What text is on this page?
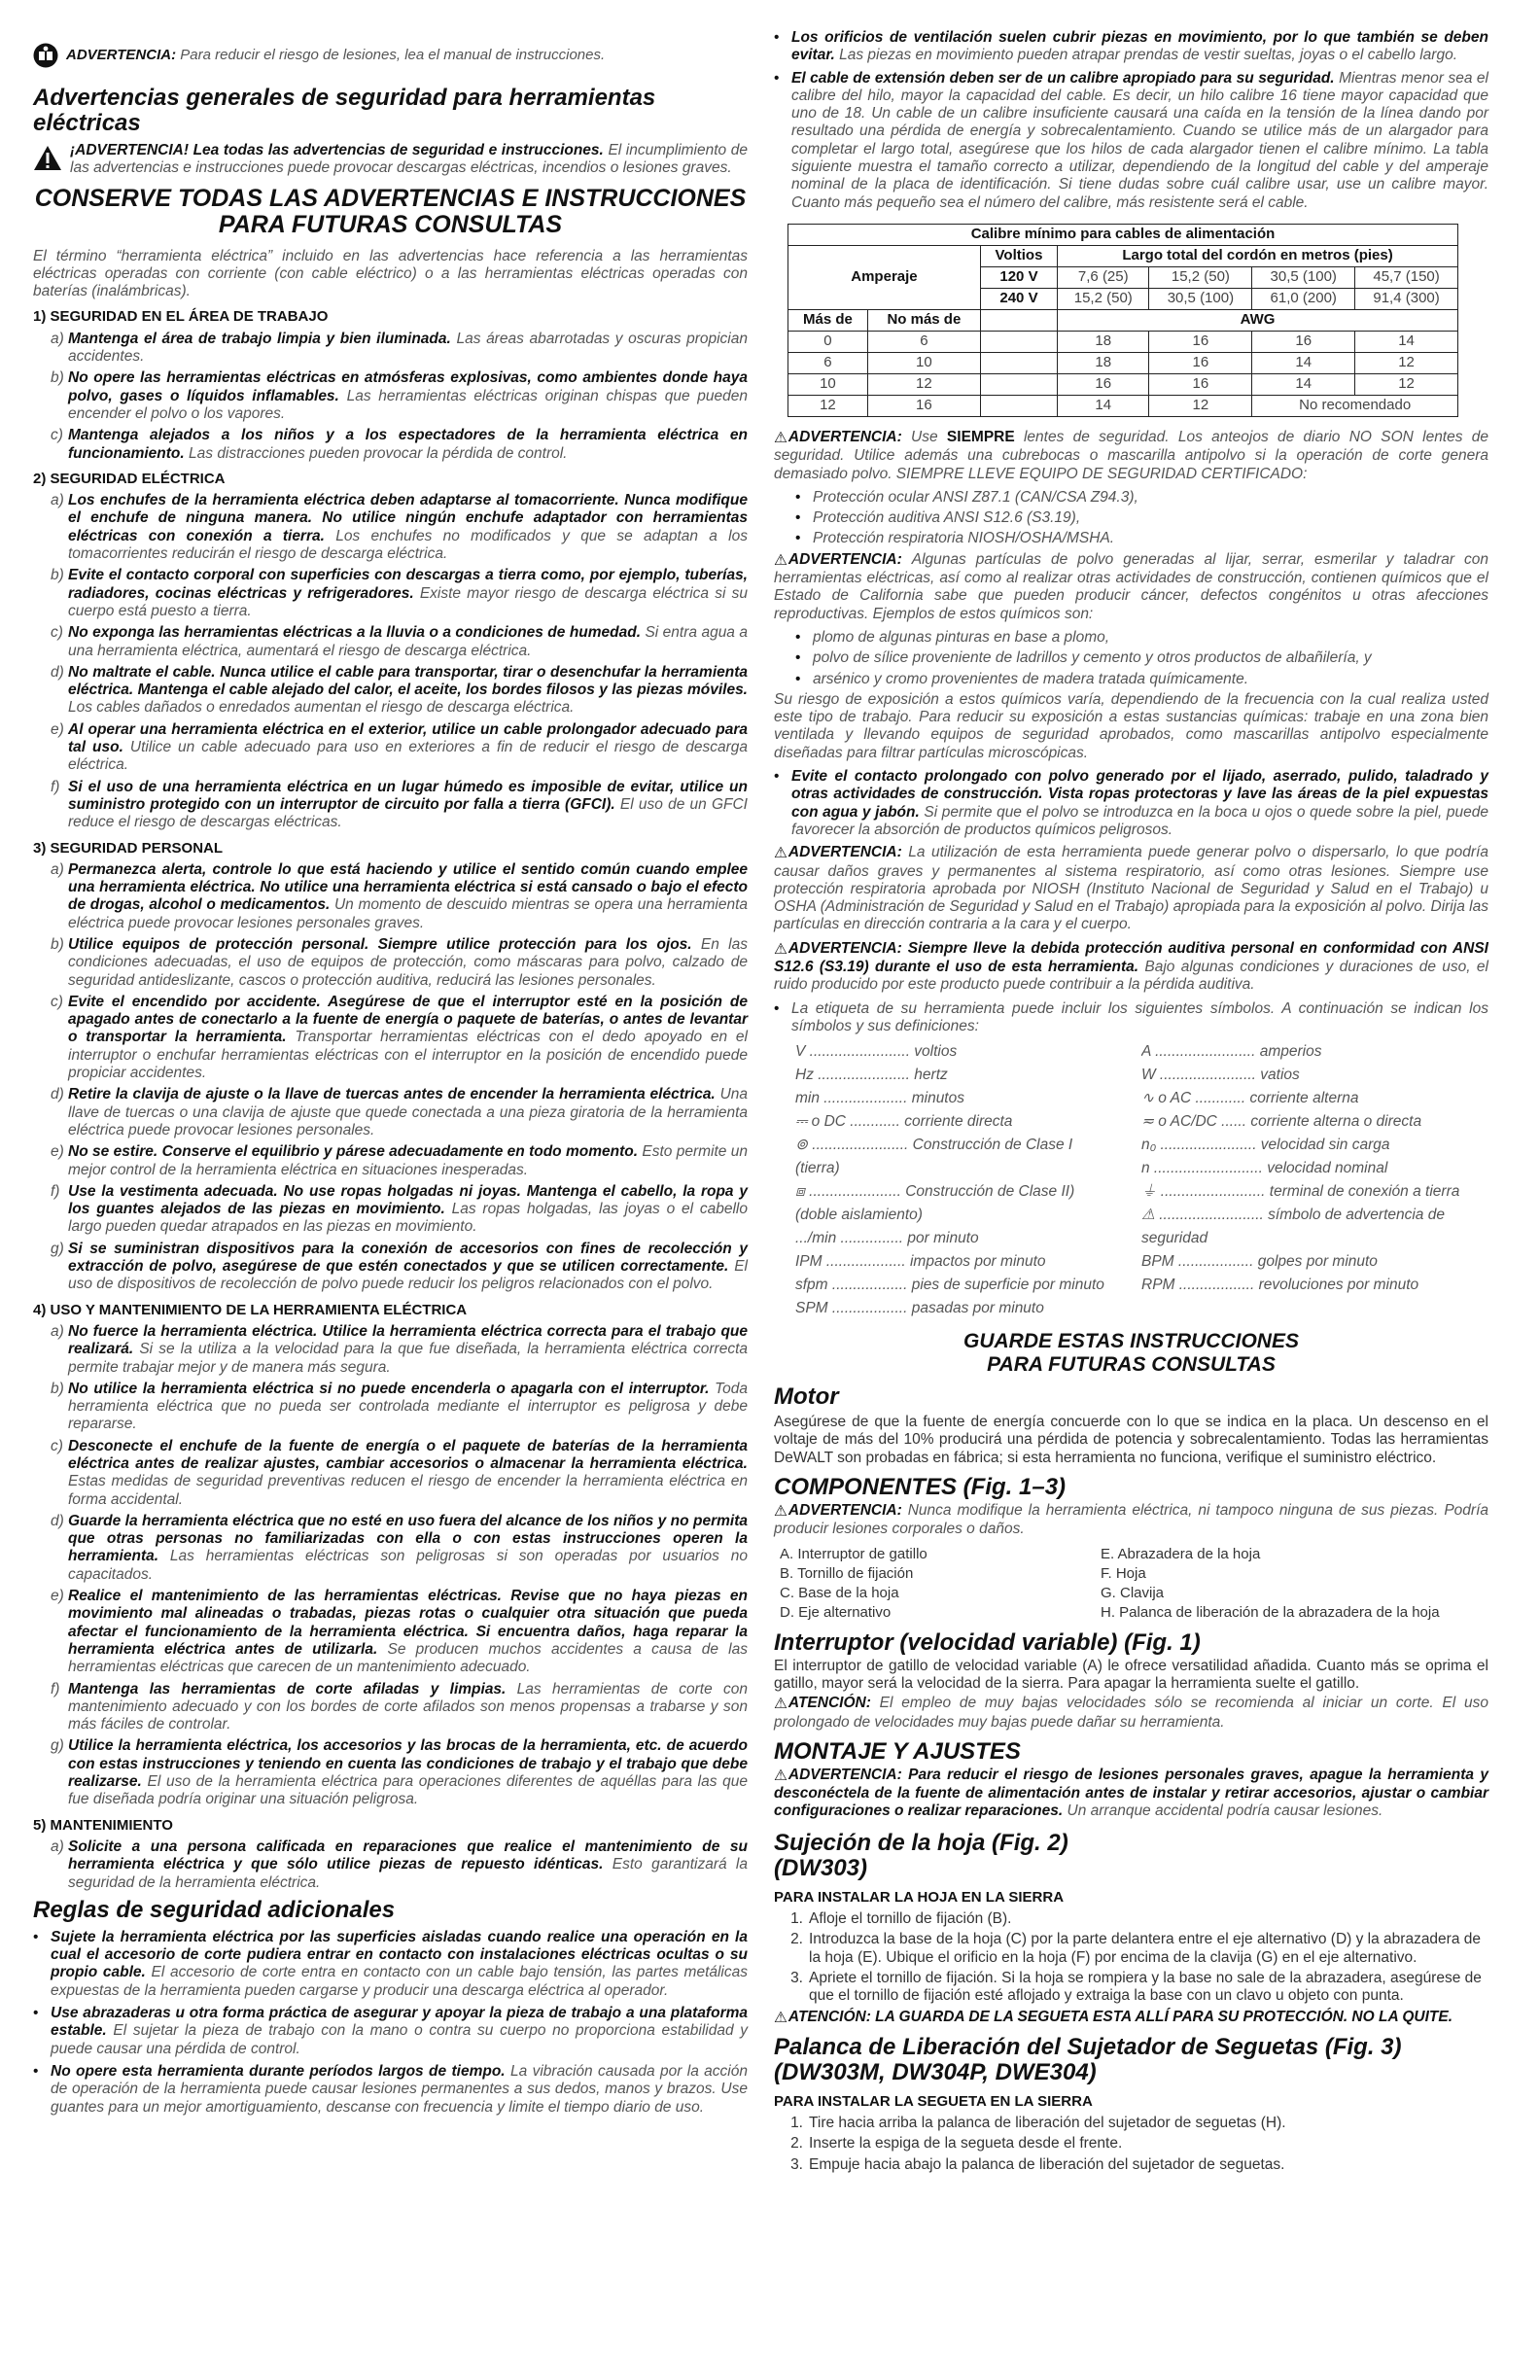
ADVERTENCIA: Para reducir el riesgo de lesiones, lea el manual de instrucciones.
Advertencias generales de seguridad para herramientas eléctricas
¡ADVERTENCIA! Lea todas las advertencias de seguridad e instrucciones. El incumplimiento de las advertencias e instrucciones puede provocar descargas eléctricas, incendios o lesiones graves.
CONSERVE TODAS LAS ADVERTENCIAS E INSTRUCCIONES
PARA FUTURAS CONSULTAS

El término “herramienta eléctrica” incluido en las advertencias hace referencia a las herramientas eléctricas operadas con corriente (con cable eléctrico) o a las herramientas eléctricas operadas con baterías (inalámbricas).

1) SEGURIDAD EN EL ÁREA DE TRABAJO
a) Mantenga el área de trabajo limpia y bien iluminada. Las áreas abarrotadas y oscuras propician accidentes.
b) No opere las herramientas eléctricas en atmósferas explosivas, como ambientes donde haya polvo, gases o líquidos inflamables. Las herramientas eléctricas originan chispas que pueden encender el polvo o los vapores.
c) Mantenga alejados a los niños y a los espectadores de la herramienta eléctrica en funcionamiento. Las distracciones pueden provocar la pérdida de control.
2) SEGURIDAD ELÉCTRICA
a) Los enchufes de la herramienta eléctrica deben adaptarse al tomacorriente. Nunca modifique el enchufe de ninguna manera. No utilice ningún enchufe adaptador con herramientas eléctricas con conexión a tierra. Los enchufes no modificados y que se adaptan a los tomacorrientes reducirán el riesgo de descarga eléctrica.
b) Evite el contacto corporal con superficies con descargas a tierra como, por ejemplo, tuberías, radiadores, cocinas eléctricas y refrigeradores. Existe mayor riesgo de descarga eléctrica si su cuerpo está puesto a tierra.
c) No exponga las herramientas eléctricas a la lluvia o a condiciones de humedad. Si entra agua a una herramienta eléctrica, aumentará el riesgo de descarga eléctrica.
d) No maltrate el cable. Nunca utilice el cable para transportar, tirar o desenchufar la herramienta eléctrica. Mantenga el cable alejado del calor, el aceite, los bordes filosos y las piezas móviles. Los cables dañados o enredados aumentan el riesgo de descarga eléctrica.
e) Al operar una herramienta eléctrica en el exterior, utilice un cable prolongador adecuado para tal uso. Utilice un cable adecuado para uso en exteriores a fin de reducir el riesgo de descarga eléctrica.
f) Si el uso de una herramienta eléctrica en un lugar húmedo es imposible de evitar, utilice un suministro protegido con un interruptor de circuito por falla a tierra (GFCI). El uso de un GFCI reduce el riesgo de descargas eléctricas.
3) SEGURIDAD PERSONAL
a) Permanezca alerta, controle lo que está haciendo y utilice el sentido común cuando emplee una herramienta eléctrica. No utilice una herramienta eléctrica si está cansado o bajo el efecto de drogas, alcohol o medicamentos. Un momento de descuido mientras se opera una herramienta eléctrica puede provocar lesiones personales graves.
b) Utilice equipos de protección personal. Siempre utilice protección para los ojos. En las condiciones adecuadas, el uso de equipos de protección, como máscaras para polvo, calzado de seguridad antideslizante, cascos o protección auditiva, reducirá las lesiones personales.
c) Evite el encendido por accidente. Asegúrese de que el interruptor esté en la posición de apagado antes de conectarlo a la fuente de energía o paquete de baterías, o antes de levantar o transportar la herramienta. Transportar herramientas eléctricas con el dedo apoyado en el interruptor o enchufar herramientas eléctricas con el interruptor en la posición de encendido puede propiciar accidentes.
d) Retire la clavija de ajuste o la llave de tuercas antes de encender la herramienta eléctrica. Una llave de tuercas o una clavija de ajuste que quede conectada a una pieza giratoria de la herramienta eléctrica puede provocar lesiones personales.
e) No se estire. Conserve el equilibrio y párese adecuadamente en todo momento. Esto permite un mejor control de la herramienta eléctrica en situaciones inesperadas.
f) Use la vestimenta adecuada. No use ropas holgadas ni joyas. Mantenga el cabello, la ropa y los guantes alejados de las piezas en movimiento. Las ropas holgadas, las joyas o el cabello largo pueden quedar atrapados en las piezas en movimiento.
g) Si se suministran dispositivos para la conexión de accesorios con fines de recolección y extracción de polvo, asegúrese de que estén conectados y que se utilicen correctamente. El uso de dispositivos de recolección de polvo puede reducir los peligros relacionados con el polvo.
4) USO Y MANTENIMIENTO DE LA HERRAMIENTA ELÉCTRICA
a) No fuerce la herramienta eléctrica. Utilice la herramienta eléctrica correcta para el trabajo que realizará. Si se la utiliza a la velocidad para la que fue diseñada, la herramienta eléctrica correcta permite trabajar mejor y de manera más segura.
b) No utilice la herramienta eléctrica si no puede encenderla o apagarla con el interruptor. Toda herramienta eléctrica que no pueda ser controlada mediante el interruptor es peligrosa y debe repararse.
c) Desconecte el enchufe de la fuente de energía o el paquete de baterías de la herramienta eléctrica antes de realizar ajustes, cambiar accesorios o almacenar la herramienta eléctrica. Estas medidas de seguridad preventivas reducen el riesgo de encender la herramienta eléctrica en forma accidental.
d) Guarde la herramienta eléctrica que no esté en uso fuera del alcance de los niños y no permita que otras personas no familiarizadas con ella o con estas instrucciones operen la herramienta. Las herramientas eléctricas son peligrosas si son operadas por usuarios no capacitados.
e) Realice el mantenimiento de las herramientas eléctricas. Revise que no haya piezas en movimiento mal alineadas o trabadas, piezas rotas o cualquier otra situación que pueda afectar el funcionamiento de la herramienta eléctrica. Si encuentra daños, haga reparar la herramienta eléctrica antes de utilizarla. Se producen muchos accidentes a causa de las herramientas eléctricas que carecen de un mantenimiento adecuado.
f) Mantenga las herramientas de corte afiladas y limpias. Las herramientas de corte con mantenimiento adecuado y con los bordes de corte afilados son menos propensas a trabarse y son más fáciles de controlar.
g) Utilice la herramienta eléctrica, los accesorios y las brocas de la herramienta, etc. de acuerdo con estas instrucciones y teniendo en cuenta las condiciones de trabajo y el trabajo que debe realizarse. El uso de la herramienta eléctrica para operaciones diferentes de aquéllas para las que fue diseñada podría originar una situación peligrosa.
5) MANTENIMIENTO
a) Solicite a una persona calificada en reparaciones que realice el mantenimiento de su herramienta eléctrica y que sólo utilice piezas de repuesto idénticas. Esto garantizará la seguridad de la herramienta eléctrica.
Reglas de seguridad adicionales
• Sujete la herramienta eléctrica por las superficies aisladas cuando realice una operación en la cual el accesorio de corte pudiera entrar en contacto con instalaciones eléctricas ocultas o su propio cable. El accesorio de corte entra en contacto con un cable bajo tensión, las partes metálicas expuestas de la herramienta pueden cargarse y producir una descarga eléctrica al operador.
• Use abrazaderas u otra forma práctica de asegurar y apoyar la pieza de trabajo a una plataforma estable. El sujetar la pieza de trabajo con la mano o contra su cuerpo no proporciona estabilidad y puede causar una pérdida de control.
• No opere esta herramienta durante períodos largos de tiempo. La vibración causada por la acción de operación de la herramienta puede causar lesiones permanentes a sus dedos, manos y brazos. Use guantes para un mejor amortiguamiento, descanse con frecuencia y limite el tiempo diario de uso.
• Los orificios de ventilación suelen cubrir piezas en movimiento, por lo que también se deben evitar. Las piezas en movimiento pueden atrapar prendas de vestir sueltas, joyas o el cabello largo.
• El cable de extensión deben ser de un calibre apropiado para su seguridad. Mientras menor sea el calibre del hilo, mayor la capacidad del cable. Es decir, un hilo calibre 16 tiene mayor capacidad que uno de 18. Un cable de un calibre insuficiente causará una caída en la tensión de la línea dando por resultado una pérdida de energía y sobrecalentamiento. Cuando se utilice más de un alargador para completar el largo total, asegúrese que los hilos de cada alargador tienen el calibre mínimo. La tabla siguiente muestra el tamaño correcto a utilizar, dependiendo de la longitud del cable y del amperaje nominal de la placa de identificación. Si tiene dudas sobre cuál calibre usar, use un calibre mayor. Cuanto más pequeño sea el número del calibre, más resistente será el cable.
Calibre mínimo para cables de alimentación						
Amperaje		Voltios	Largo total del cordón en metros (pies)			
		120 V	7,6 (25)	15,2 (50)	30,5 (100)	45,7 (150)
		240 V	15,2 (50)	30,5 (100)	61,0 (200)	91,4 (300)
Más de	No más de		AWG			
0	6		18	16	16	14
6	10		18	16	14	12
10	12		16	16	14	12
12	16		14	12	No recomendado	

⚠ADVERTENCIA: Use SIEMPRE lentes de seguridad. Los anteojos de diario NO SON lentes de seguridad. Utilice además una cubrebocas o mascarilla antipolvo si la operación de corte genera demasiado polvo. SIEMPRE LLEVE EQUIPO DE SEGURIDAD CERTIFICADO:

• Protección ocular ANSI Z87.1 (CAN/CSA Z94.3),
• Protección auditiva ANSI S12.6 (S3.19),
• Protección respiratoria NIOSH/OSHA/MSHA.

⚠ADVERTENCIA: Algunas partículas de polvo generadas al lijar, serrar, esmerilar y taladrar con herramientas eléctricas, así como al realizar otras actividades de construcción, contienen químicos que el Estado de California sabe que pueden producir cáncer, defectos congénitos u otras afecciones reproductivas. Ejemplos de estos químicos son:

• plomo de algunas pinturas en base a plomo,
• polvo de sílice proveniente de ladrillos y cemento y otros productos de albañilería, y
• arsénico y cromo provenientes de madera tratada químicamente.

Su riesgo de exposición a estos químicos varía, dependiendo de la frecuencia con la cual realiza usted este tipo de trabajo. Para reducir su exposición a estas sustancias químicas: trabaje en una zona bien ventilada y llevando equipos de seguridad aprobados, como mascarillas antipolvo especialmente diseñadas para filtrar partículas microscópicas.

• Evite el contacto prolongado con polvo generado por el lijado, aserrado, pulido, taladrado y otras actividades de construcción. Vista ropas protectoras y lave las áreas de la piel expuestas con agua y jabón. Si permite que el polvo se introduzca en la boca u ojos o quede sobre la piel, puede favorecer la absorción de productos químicos peligrosos.

⚠ADVERTENCIA: La utilización de esta herramienta puede generar polvo o dispersarlo, lo que podría causar daños graves y permanentes al sistema respiratorio, así como otras lesiones. Siempre use protección respiratoria aprobada por NIOSH (Instituto Nacional de Seguridad y Salud en el Trabajo) u OSHA (Administración de Seguridad y Salud en el Trabajo) apropiada para la exposición al polvo. Dirija las partículas en dirección contraria a la cara y el cuerpo.

⚠ADVERTENCIA: Siempre lleve la debida protección auditiva personal en conformidad con ANSI S12.6 (S3.19) durante el uso de esta herramienta. Bajo algunas condiciones y duraciones de uso, el ruido producido por este producto puede contribuir a la pérdida auditiva.

• La etiqueta de su herramienta puede incluir los siguientes símbolos. A continuación se indican los símbolos y sus definiciones:
V ........................ voltios	A ........................ amperios
Hz ...................... hertz	W ....................... vatios
min .................... minutos	∿ o AC ............ corriente alterna
⎓ o DC ............ corriente directa	≂ o AC/DC ...... corriente alterna o directa
⊚ ....................... Construcción de Clase I	n₀ ....................... velocidad sin carga
(tierra)	n .......................... velocidad nominal
⧈ ...................... Construcción de Clase II)	⏚ ......................... terminal de conexión a tierra
(doble aislamiento)	⚠ ......................... símbolo de advertencia de
.../min ............... por minuto	seguridad
IPM ................... impactos por minuto	BPM .................. golpes por minuto
sfpm .................. pies de superficie por minuto	RPM .................. revoluciones por minuto
SPM .................. pasadas por minuto
GUARDE ESTAS INSTRUCCIONES
PARA FUTURAS CONSULTAS
Motor

Asegúrese de que la fuente de energía concuerde con lo que se indica en la placa. Un descenso en el voltaje de más del 10% producirá una pérdida de potencia y sobrecalentamiento. Todas las herramientas DeWALT son probadas en fábrica; si esta herramienta no funciona, verifique el suministro eléctrico.

COMPONENTES (Fig. 1–3)

⚠ADVERTENCIA: Nunca modifique la herramienta eléctrica, ni tampoco ninguna de sus piezas. Podría producir lesiones corporales o daños.

A. Interruptor de gatillo	E. Abrazadera de la hoja
B. Tornillo de fijación	F. Hoja
C. Base de la hoja	G. Clavija
D. Eje alternativo	H. Palanca de liberación de la abrazadera de la hoja
Interruptor (velocidad variable) (Fig. 1)

El interruptor de gatillo de velocidad variable (A) le ofrece versatilidad añadida. Cuanto más se oprima el gatillo, mayor será la velocidad de la sierra. Para apagar la herramienta suelte el gatillo.

⚠ATENCIÓN: El empleo de muy bajas velocidades sólo se recomienda al iniciar un corte. El uso prolongado de velocidades muy bajas puede dañar su herramienta.

MONTAJE Y AJUSTES

⚠ADVERTENCIA: Para reducir el riesgo de lesiones personales graves, apague la herramienta y desconéctela de la fuente de alimentación antes de instalar y retirar accesorios, ajustar o cambiar configuraciones o realizar reparaciones. Un arranque accidental podría causar lesiones.

Sujeción de la hoja (Fig. 2)
(DW303)
PARA INSTALAR LA HOJA EN LA SIERRA
1. Afloje el tornillo de fijación (B).
2. Introduzca la base de la hoja (C) por la parte delantera entre el eje alternativo (D) y la abrazadera de la hoja (E). Ubique el orificio en la hoja (F) por encima de la clavija (G) en el eje alternativo.
3. Apriete el tornillo de fijación. Si la hoja se rompiera y la base no sale de la abrazadera, asegúrese de que el tornillo de fijación esté aflojado y extraiga la base con un clavo u objeto con punta.

⚠ATENCIÓN: LA GUARDA DE LA SEGUETA ESTA ALLÍ PARA SU PROTECCIÓN. NO LA QUITE.

Palanca de Liberación del Sujetador de Seguetas (Fig. 3)
(DW303M, DW304P, DWE304)
PARA INSTALAR LA SEGUETA EN LA SIERRA
1. Tire hacia arriba la palanca de liberación del sujetador de seguetas (H).
2. Inserte la espiga de la segueta desde el frente.
3. Empuje hacia abajo la palanca de liberación del sujetador de seguetas.
